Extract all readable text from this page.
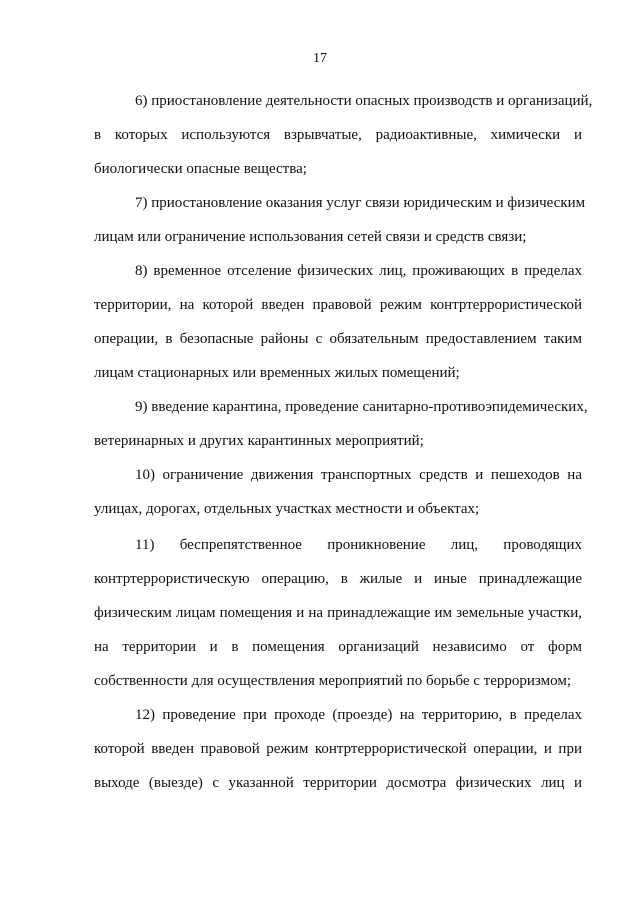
17
6) приостановление деятельности опасных производств и организаций,
в которых используются взрывчатые, радиоактивные, химически и
биологически опасные вещества;
7) приостановление оказания услуг связи юридическим и физическим
лицам или ограничение использования сетей связи и средств связи;
8) временное отселение физических лиц, проживающих в пределах
территории, на которой введен правовой режим контртеррористической
операции, в безопасные районы с обязательным предоставлением таким
лицам стационарных или временных жилых помещений;
9) введение карантина, проведение санитарно-противоэпидемических,
ветеринарных и других карантинных мероприятий;
10) ограничение движения транспортных средств и пешеходов на
улицах, дорогах, отдельных участках местности и объектах;
11) беспрепятственное проникновение лиц, проводящих
контртеррористическую операцию, в жилые и иные принадлежащие
физическим лицам помещения и на принадлежащие им земельные участки,
на территории и в помещения организаций независимо от форм
собственности для осуществления мероприятий по борьбе с терроризмом;
12) проведение при проходе (проезде) на территорию, в пределах
которой введен правовой режим контртеррористической операции, и при
выходе (выезде) с указанной территории досмотра физических лиц и
